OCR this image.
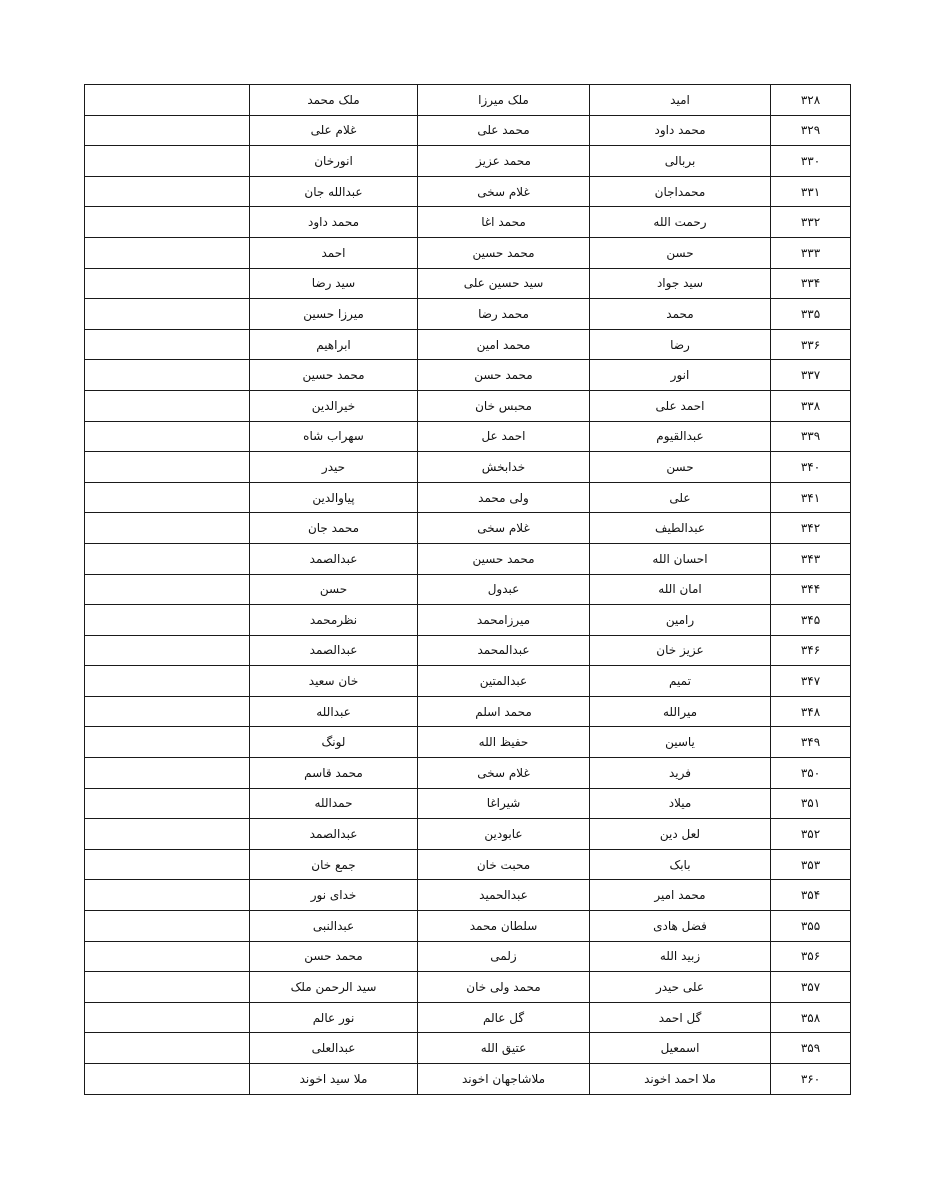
	ملک محمد	ملک میرزا	امید	۳۲۸
	غلام علی	محمد علی	محمد داود	۳۲۹
	انورخان	محمد عزیز	بربالی	۳۳۰
	عبدالله جان	غلام سخی	محمداجان	۳۳۱
	محمد داود	محمد اغا	رحمت الله	۳۳۲
	احمد	محمد حسین	حسن	۳۳۳
	سید رضا	سید حسین علی	سید جواد	۳۳۴
	میرزا حسین	محمد رضا	محمد	۳۳۵
	ابراهیم	محمد امین	رضا	۳۳۶
	محمد حسین	محمد حسن	انور	۳۳۷
	خیرالدین	محبس خان	احمد علی	۳۳۸
	سهراب شاه	احمد عل	عبدالقیوم	۳۳۹
	حیدر	خدابخش	حسن	۳۴۰
	پیاوالدین	ولی محمد	علی	۳۴۱
	محمد جان	غلام سخی	عبدالطیف	۳۴۲
	عبدالصمد	محمد حسین	احسان الله	۳۴۳
	حسن	عبدول	امان الله	۳۴۴
	نظرمحمد	میرزامحمد	رامین	۳۴۵
	عبدالصمد	عبدالمحمد	عزیز خان	۳۴۶
	خان سعید	عبدالمتین	تمیم	۳۴۷
	عبدالله	محمد اسلم	میرالله	۳۴۸
	لونگ	حفیظ الله	یاسین	۳۴۹
	محمد قاسم	غلام سخی	فرید	۳۵۰
	حمدالله	شیراغا	میلاد	۳۵۱
	عبدالصمد	عابودین	لعل دین	۳۵۲
	جمع خان	محبت خان	بابک	۳۵۳
	خدای نور	عبدالحمید	محمد امیر	۳۵۴
	عبدالنبی	سلطان محمد	فضل هادی	۳۵۵
	محمد حسن	زلمی	زبید الله	۳۵۶
	سید الرحمن ملک	محمد ولی خان	علی حیدر	۳۵۷
	نور عالم	گل عالم	گل احمد	۳۵۸
	عبدالعلی	عتیق الله	اسمعیل	۳۵۹
	ملا سید اخوند	ملاشاجهان اخوند	ملا احمد اخوند	۳۶۰
